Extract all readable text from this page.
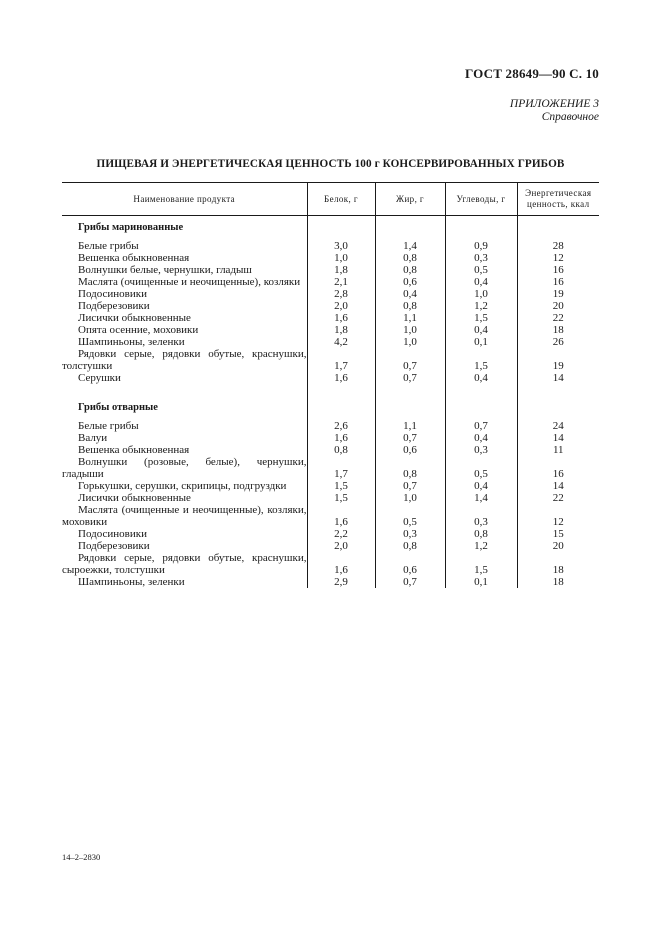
ГОСТ 28649—90 С. 10
ПРИЛОЖЕНИЕ 3
Справочное
ПИЩЕВАЯ И ЭНЕРГЕТИЧЕСКАЯ ЦЕННОСТЬ 100 г КОНСЕРВИРОВАННЫХ ГРИБОВ
Наименование продукта	Белок, г	Жир, г	Углеводы, г	Энергетическая ценность, ккал
Грибы маринованные				
Белые грибы	3,0	1,4	0,9	28
Вешенка обыкновенная	1,0	0,8	0,3	12
Волнушки белые, чернушки, гладыш	1,8	0,8	0,5	16
Маслята (очищенные и неочищенные), козляки	2,1	0,6	0,4	16
Подосиновики	2,8	0,4	1,0	19
Подберезовики	2,0	0,8	1,2	20
Лисички обыкновенные	1,6	1,1	1,5	22
Опята осенние, моховики	1,8	1,0	0,4	18
Шампиньоны, зеленки	4,2	1,0	0,1	26
Рядовки серые, рядовки обутые, краснушки, толстушки	1,7	0,7	1,5	19
Серушки	1,6	0,7	0,4	14

Грибы отварные				
Белые грибы	2,6	1,1	0,7	24
Валуи	1,6	0,7	0,4	14
Вешенка обыкновенная	0,8	0,6	0,3	11
Волнушки (розовые, белые), чернушки, гладыши	1,7	0,8	0,5	16
Горькушки, серушки, скрипицы, подгруздки	1,5	0,7	0,4	14
Лисички обыкновенные	1,5	1,0	1,4	22
Маслята (очищенные и неочищенные), козляки, моховики	1,6	0,5	0,3	12
Подосиновики	2,2	0,3	0,8	15
Подберезовики	2,0	0,8	1,2	20
Рядовки серые, рядовки обутые, краснушки, сыроежки, толстушки	1,6	0,6	1,5	18
Шампиньоны, зеленки	2,9	0,7	0,1	18
14–2–2830
